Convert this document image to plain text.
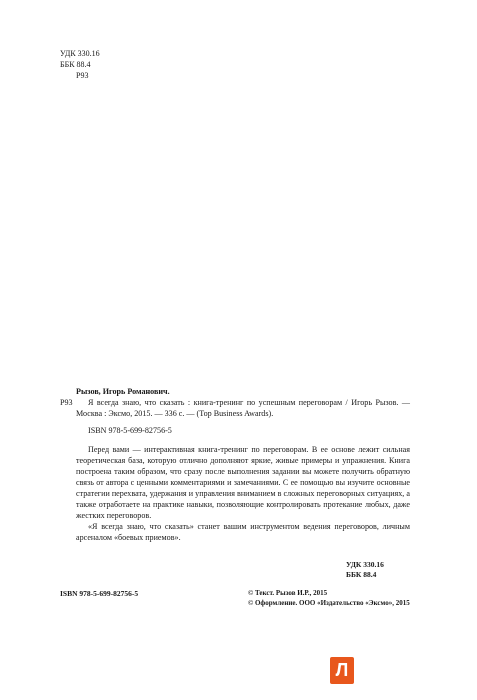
УДК 330.16
ББК 88.4
Р93
Р93
Рызов, Игорь Романович.
Я всегда знаю, что сказать : книга-тренинг по успешным переговорам / Игорь Рызов. — Москва : Эксмо, 2015. — 336 с. — (Top Business Awards).
ISBN 978-5-699-82756-5

Перед вами — интерактивная книга-тренинг по переговорам. В ее основе лежит сильная теоретическая база, которую отлично дополняют яркие, живые примеры и упражнения. Книга построена таким образом, что сразу после выполнения задании вы можете получить обратную связь от автора с ценными комментариями и замечаниями. С ее помощью вы изучите основные стратегии перехвата, удержания и управления вниманием в сложных переговорных ситуациях, а также отработаете на практике навыки, позволяющие контролировать протекание любых, даже жестких переговоров.

«Я всегда знаю, что сказать» станет вашим инструментом ведения переговоров, личным арсеналом «боевых приемов».

УДК 330.16
ББК 88.4
ISBN 978-5-699-82756-5	© Текст. Рызов И.Р., 2015
© Оформление. ООО «Издательство «Эксмо», 2015
Л
